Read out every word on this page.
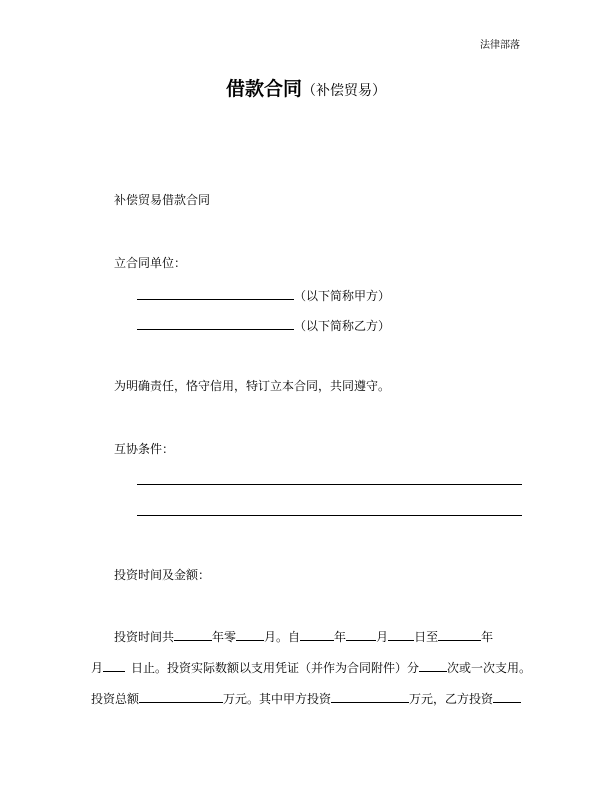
法律部落
借款合同（补偿贸易）
补偿贸易借款合同
立合同单位：
（以下简称甲方）
（以下简称乙方）
为明确责任，恪守信用，特订立本合同，共同遵守。
互协条件：
投资时间及金额：
投资时间共	年零 月。自	年	月 日至	年
月 日止。投资实际数额以支用凭证（并作为合同附件）分 次或一次支用。
投资总额	万元。其中甲方投资	万元，乙方投资
